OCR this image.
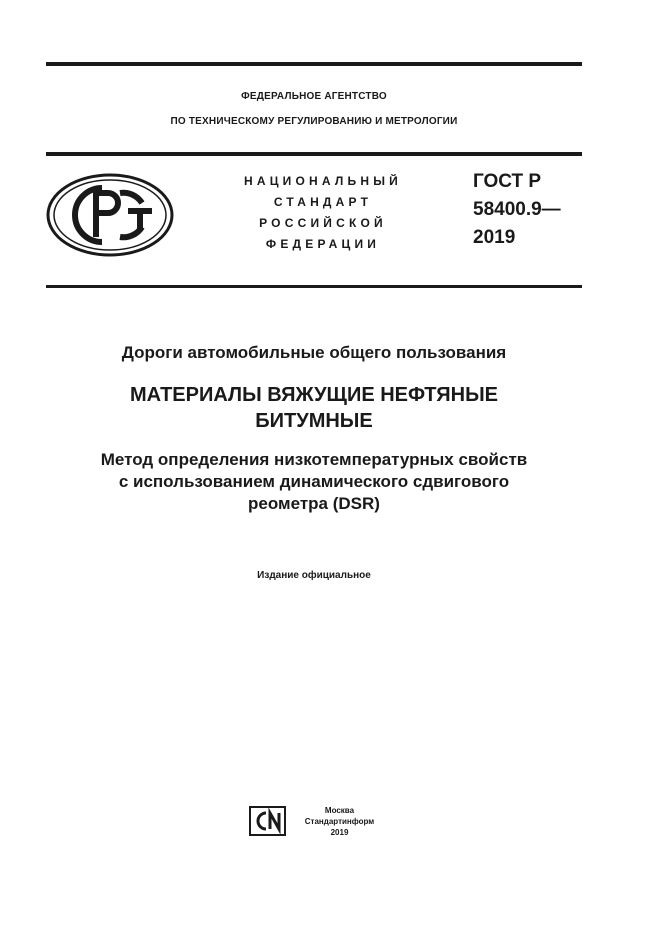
ФЕДЕРАЛЬНОЕ АГЕНТСТВО
ПО ТЕХНИЧЕСКОМУ РЕГУЛИРОВАНИЮ И МЕТРОЛОГИИ
НАЦИОНАЛЬНЫЙ
СТАНДАРТ
РОССИЙСКОЙ
ФЕДЕРАЦИИ
ГОСТ Р
58400.9—
2019
Дороги автомобильные общего пользования
МАТЕРИАЛЫ ВЯЖУЩИЕ НЕФТЯНЫЕ
БИТУМНЫЕ
Метод определения низкотемпературных свойств
с использованием динамического сдвигового
реометра (DSR)
Издание официальное
Москва
Стандартинформ
2019
